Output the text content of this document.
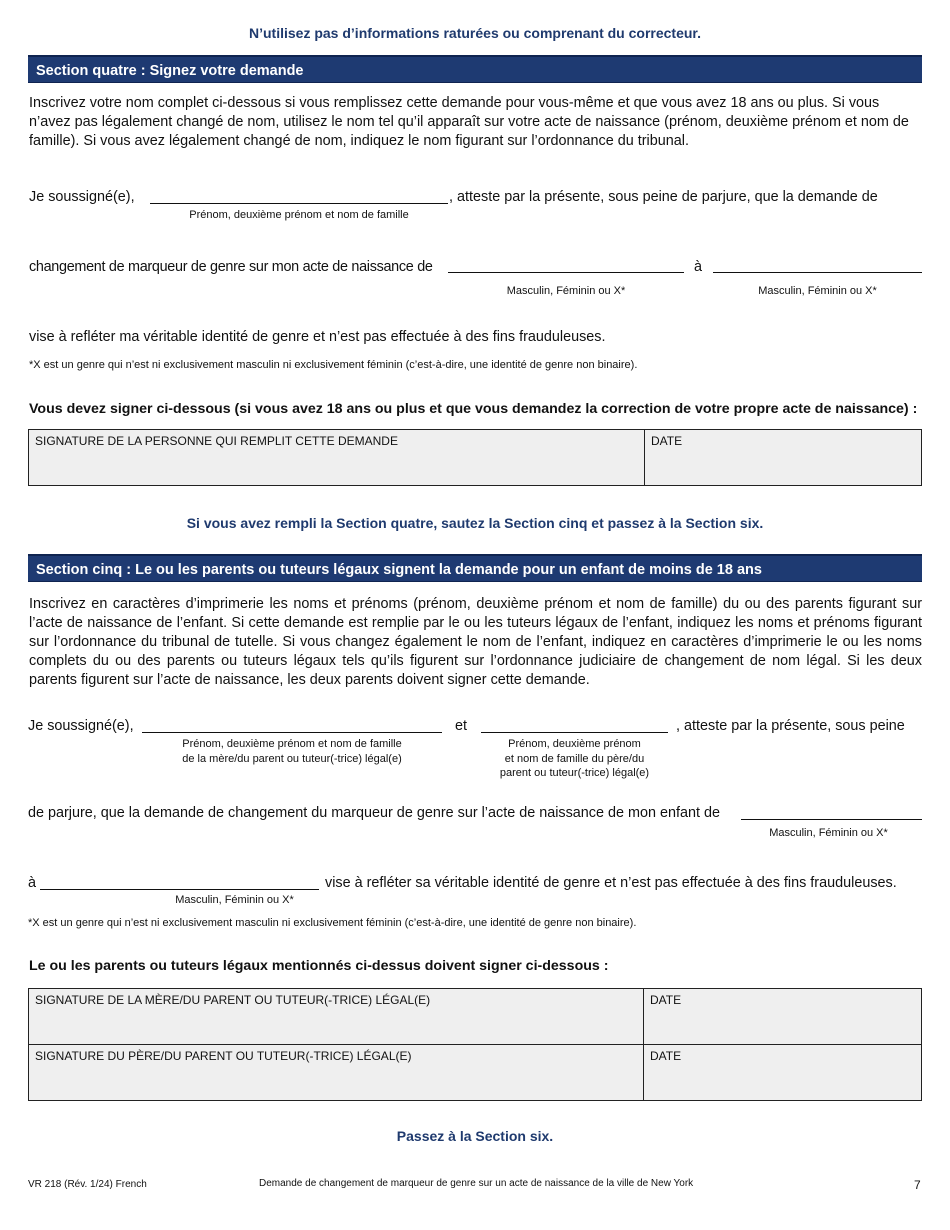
N’utilisez pas d’informations raturées ou comprenant du correcteur.
Section quatre : Signez votre demande
Inscrivez votre nom complet ci-dessous si vous remplissez cette demande pour vous-même et que vous avez 18 ans ou plus. Si vous n’avez pas légalement changé de nom, utilisez le nom tel qu’il apparaît sur votre acte de naissance (prénom, deuxième prénom et nom de famille). Si vous avez légalement changé de nom, indiquez le nom figurant sur l’ordonnance du tribunal.
Je soussigné(e),	, atteste par la présente, sous peine de parjure, que la demande de
Prénom, deuxième prénom et nom de famille
changement de marqueur de genre sur mon acte de naissance de	à
Masculin, Féminin ou X*	Masculin, Féminin ou X*
vise à refléter ma véritable identité de genre et n’est pas effectuée à des fins frauduleuses.
*X est un genre qui n’est ni exclusivement masculin ni exclusivement féminin (c’est-à-dire, une identité de genre non binaire).
Vous devez signer ci-dessous (si vous avez 18 ans ou plus et que vous demandez la correction de votre propre acte de naissance) :
SIGNATURE DE LA PERSONNE QUI REMPLIT CETTE DEMANDE	DATE
Si vous avez rempli la Section quatre, sautez la Section cinq et passez à la Section six.
Section cinq : Le ou les parents ou tuteurs légaux signent la demande pour un enfant de moins de 18 ans
Inscrivez en caractères d’imprimerie les noms et prénoms (prénom, deuxième prénom et nom de famille) du ou des parents figurant sur l’acte de naissance de l’enfant. Si cette demande est remplie par le ou les tuteurs légaux de l’enfant, indiquez les noms et prénoms figurant sur l’ordonnance du tribunal de tutelle. Si vous changez également le nom de l’enfant, indiquez en caractères d’imprimerie le ou les noms complets du ou des parents ou tuteurs légaux tels qu’ils figurent sur l’ordonnance judiciaire de changement de nom légal. Si les deux parents figurent sur l’acte de naissance, les deux parents doivent signer cette demande.
Je soussigné(e),	et	, atteste par la présente, sous peine
Prénom, deuxième prénom et nom de famille
de la mère/du parent ou tuteur(-trice) légal(e)
Prénom, deuxième prénom
et nom de famille du père/du
parent ou tuteur(-trice) légal(e)
de parjure, que la demande de changement du marqueur de genre sur l’acte de naissance de mon enfant de
Masculin, Féminin ou X*
à	vise à refléter sa véritable identité de genre et n’est pas effectuée à des fins frauduleuses.
Masculin, Féminin ou X*
*X est un genre qui n’est ni exclusivement masculin ni exclusivement féminin (c’est-à-dire, une identité de genre non binaire).
Le ou les parents ou tuteurs légaux mentionnés ci-dessus doivent signer ci-dessous :
SIGNATURE DE LA MÈRE/DU PARENT OU TUTEUR(-TRICE) LÉGAL(E)	DATE
SIGNATURE DU PÈRE/DU PARENT OU TUTEUR(-TRICE) LÉGAL(E)	DATE
Passez à la Section six.
VR 218 (Rév. 1/24) French	Demande de changement de marqueur de genre sur un acte de naissance de la ville de New York	7
